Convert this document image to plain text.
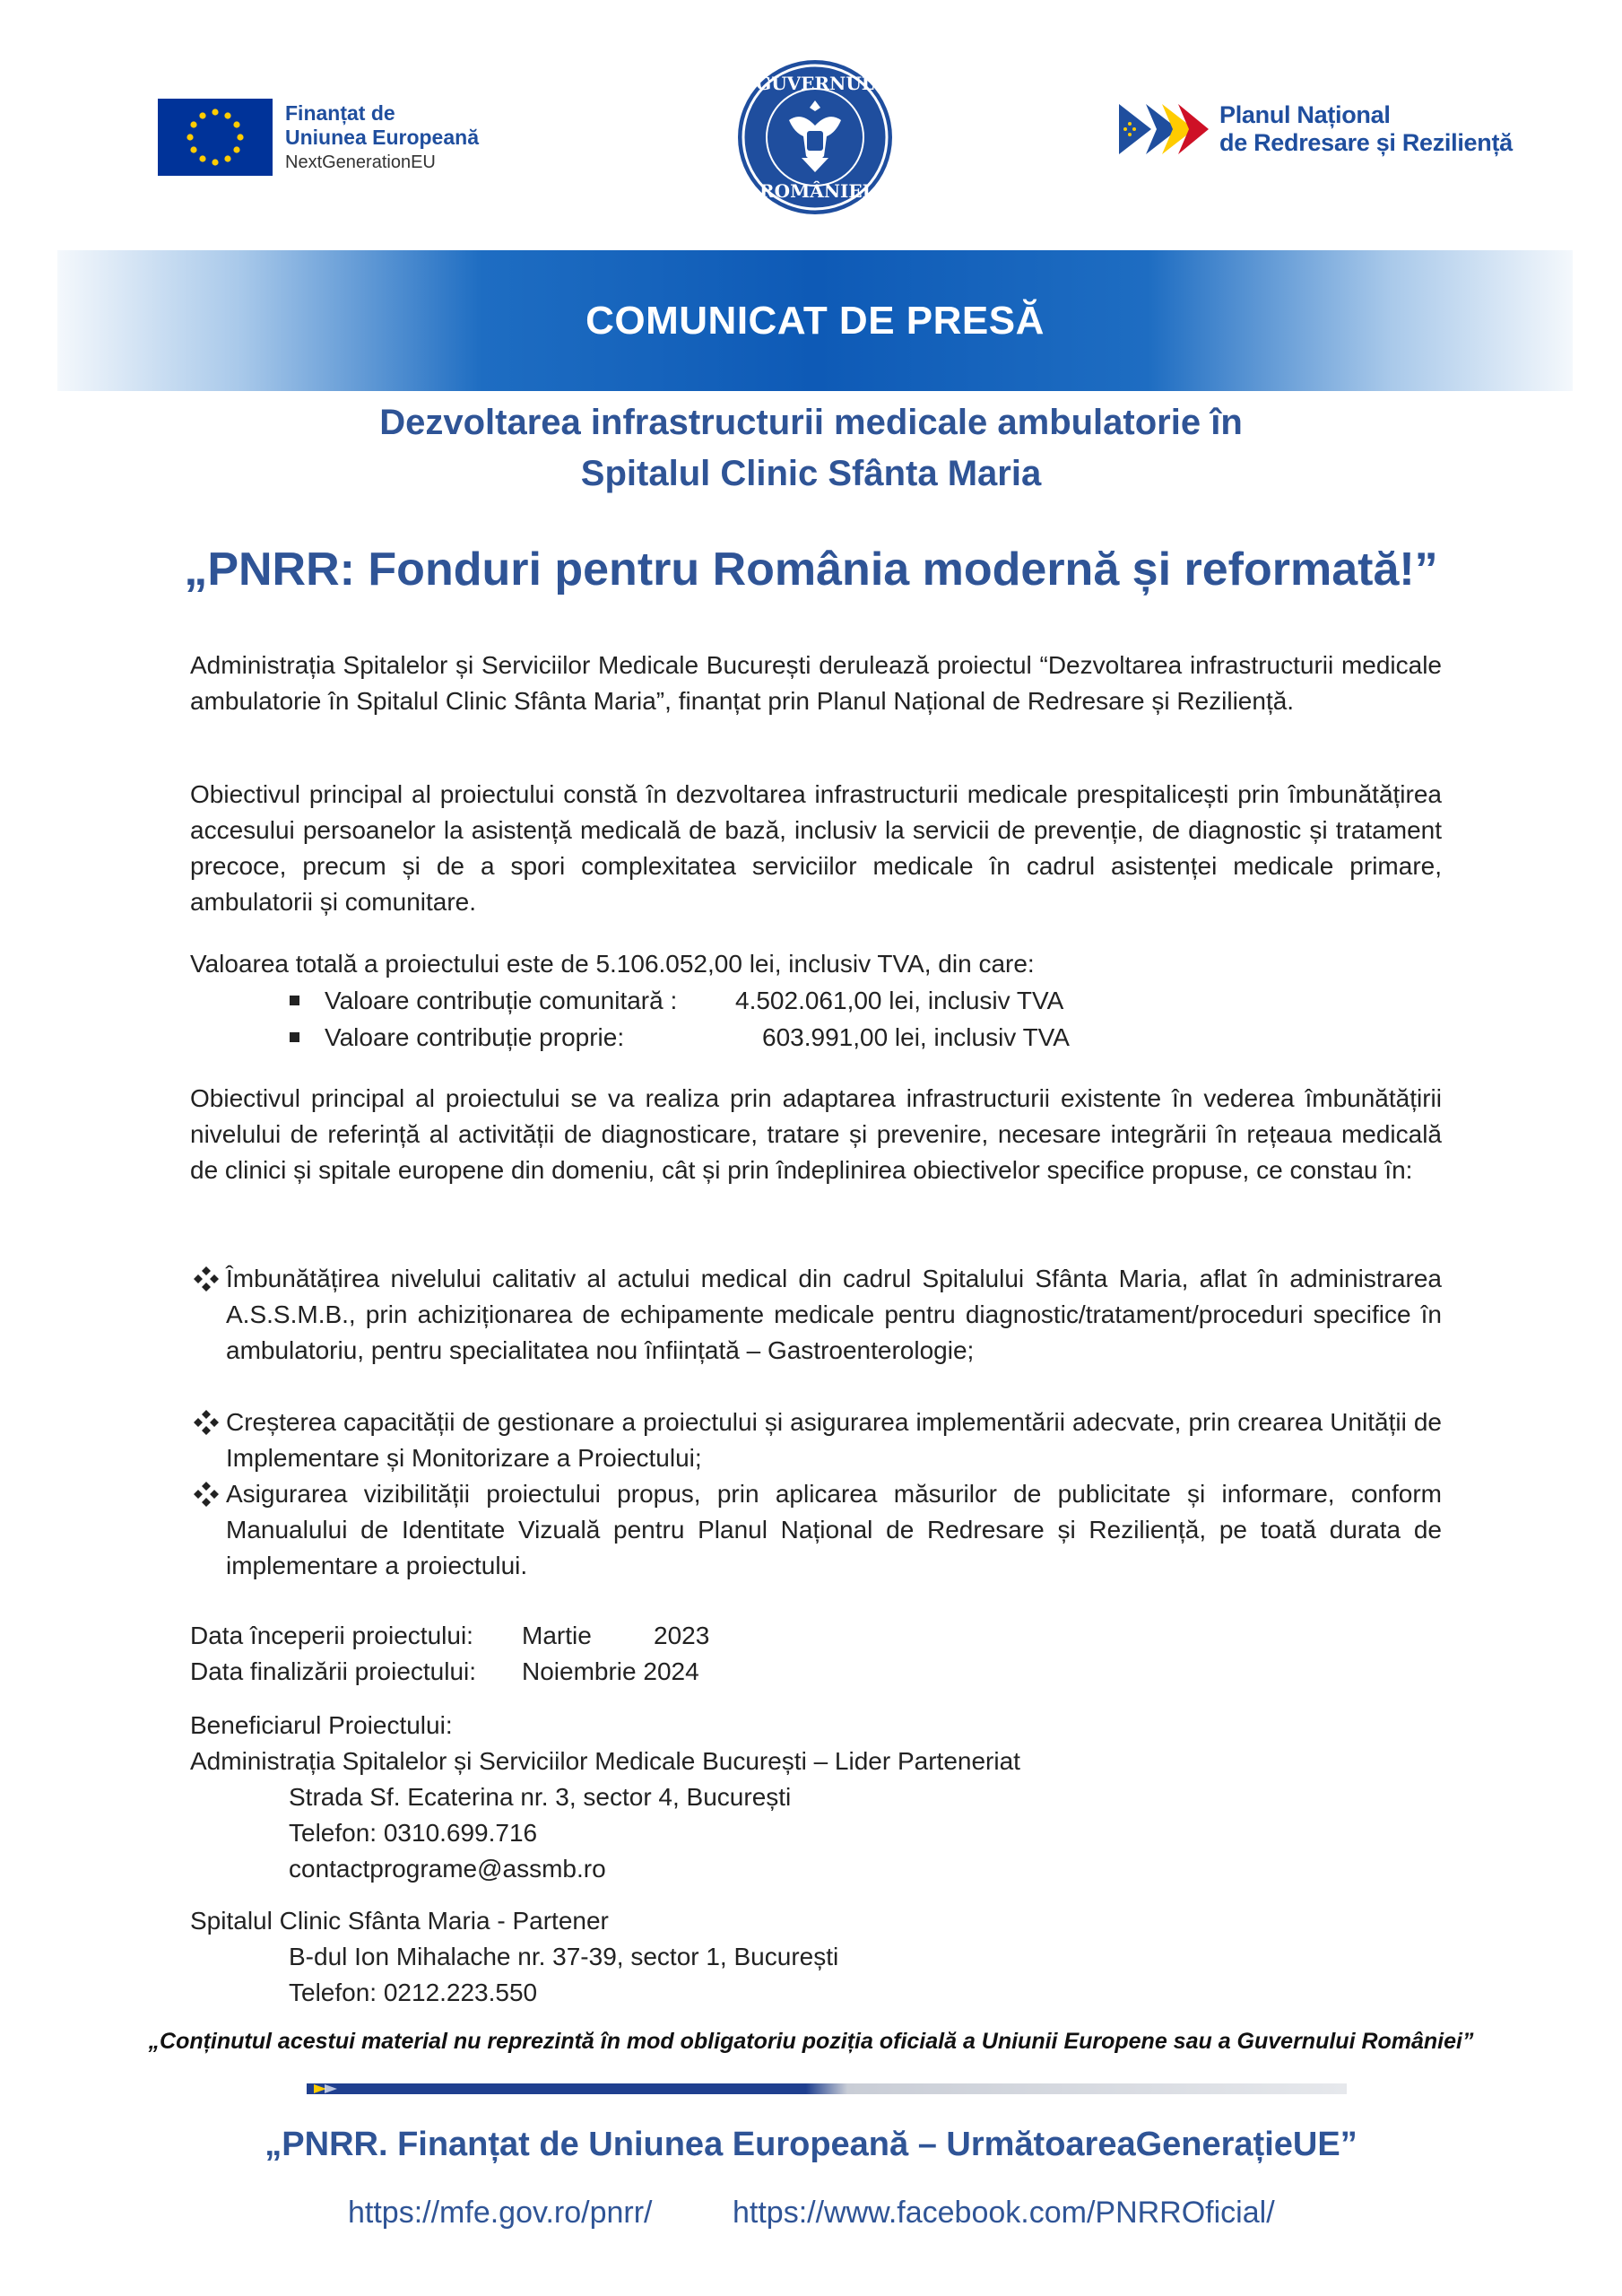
Finanțat de
Uniunea Europeană
NextGenerationEU
GUVERNUL
ROMÂNIEI
Planul Național
de Redresare și Reziliență
COMUNICAT DE PRESĂ
Dezvoltarea infrastructurii medicale ambulatorie în
Spitalul Clinic Sfânta Maria
„PNRR: Fonduri pentru România modernă și reformată!”
Administrația Spitalelor și Serviciilor Medicale București derulează proiectul “Dezvoltarea infrastructurii medicale ambulatorie în Spitalul Clinic Sfânta Maria”, finanțat prin Planul Național de Redresare și Reziliență.
Obiectivul principal al proiectului constă în dezvoltarea infrastructurii medicale prespitalicești prin îmbunătățirea accesului persoanelor la asistență medicală de bază, inclusiv la servicii de prevenție, de diagnostic și tratament precoce, precum și de a spori complexitatea serviciilor medicale în cadrul asistenței medicale primare, ambulatorii și comunitare.
Valoarea totală a proiectului este de 5.106.052,00 lei, inclusiv TVA, din care:
Valoare contribuție comunitară : 4.502.061,00 lei, inclusiv TVA
Valoare contribuție proprie:	603.991,00 lei, inclusiv TVA
Obiectivul principal al proiectului se va realiza prin adaptarea infrastructurii existente în vederea îmbunătățirii nivelului de referință al activității de diagnosticare, tratare și prevenire, necesare integrării în rețeaua medicală de clinici și spitale europene din domeniu, cât și prin îndeplinirea obiectivelor specifice propuse, ce constau în:
Îmbunătățirea nivelului calitativ al actului medical din cadrul Spitalului Sfânta Maria, aflat în administrarea A.S.S.M.B., prin achiziționarea de echipamente medicale pentru diagnostic/tratament/proceduri specifice în ambulatoriu, pentru specialitatea nou înființată – Gastroenterologie;
Creșterea capacității de gestionare a proiectului și asigurarea implementării adecvate, prin crearea Unității de Implementare și Monitorizare a Proiectului;
Asigurarea vizibilității proiectului propus, prin aplicarea măsurilor de publicitate și informare, conform Manualului de Identitate Vizuală pentru Planul Național de Redresare și Reziliență, pe toată durata de implementare a proiectului.
Data începerii proiectului: Martie 2023
Data finalizării proiectului: Noiembrie 2024
Beneficiarul Proiectului:
Administrația Spitalelor și Serviciilor Medicale București – Lider Parteneriat
Strada Sf. Ecaterina nr. 3, sector 4, București
Telefon: 0310.699.716
contactprograme@assmb.ro
Spitalul Clinic Sfânta Maria - Partener
B-dul Ion Mihalache nr. 37-39, sector 1, București
Telefon: 0212.223.550
„Conținutul acestui material nu reprezintă în mod obligatoriu poziția oficială a Uniunii Europene sau a Guvernului României”
„PNRR. Finanțat de Uniunea Europeană – UrmătoareaGenerațieUE”
https://mfe.gov.ro/pnrr/	https://www.facebook.com/PNRROficial/
